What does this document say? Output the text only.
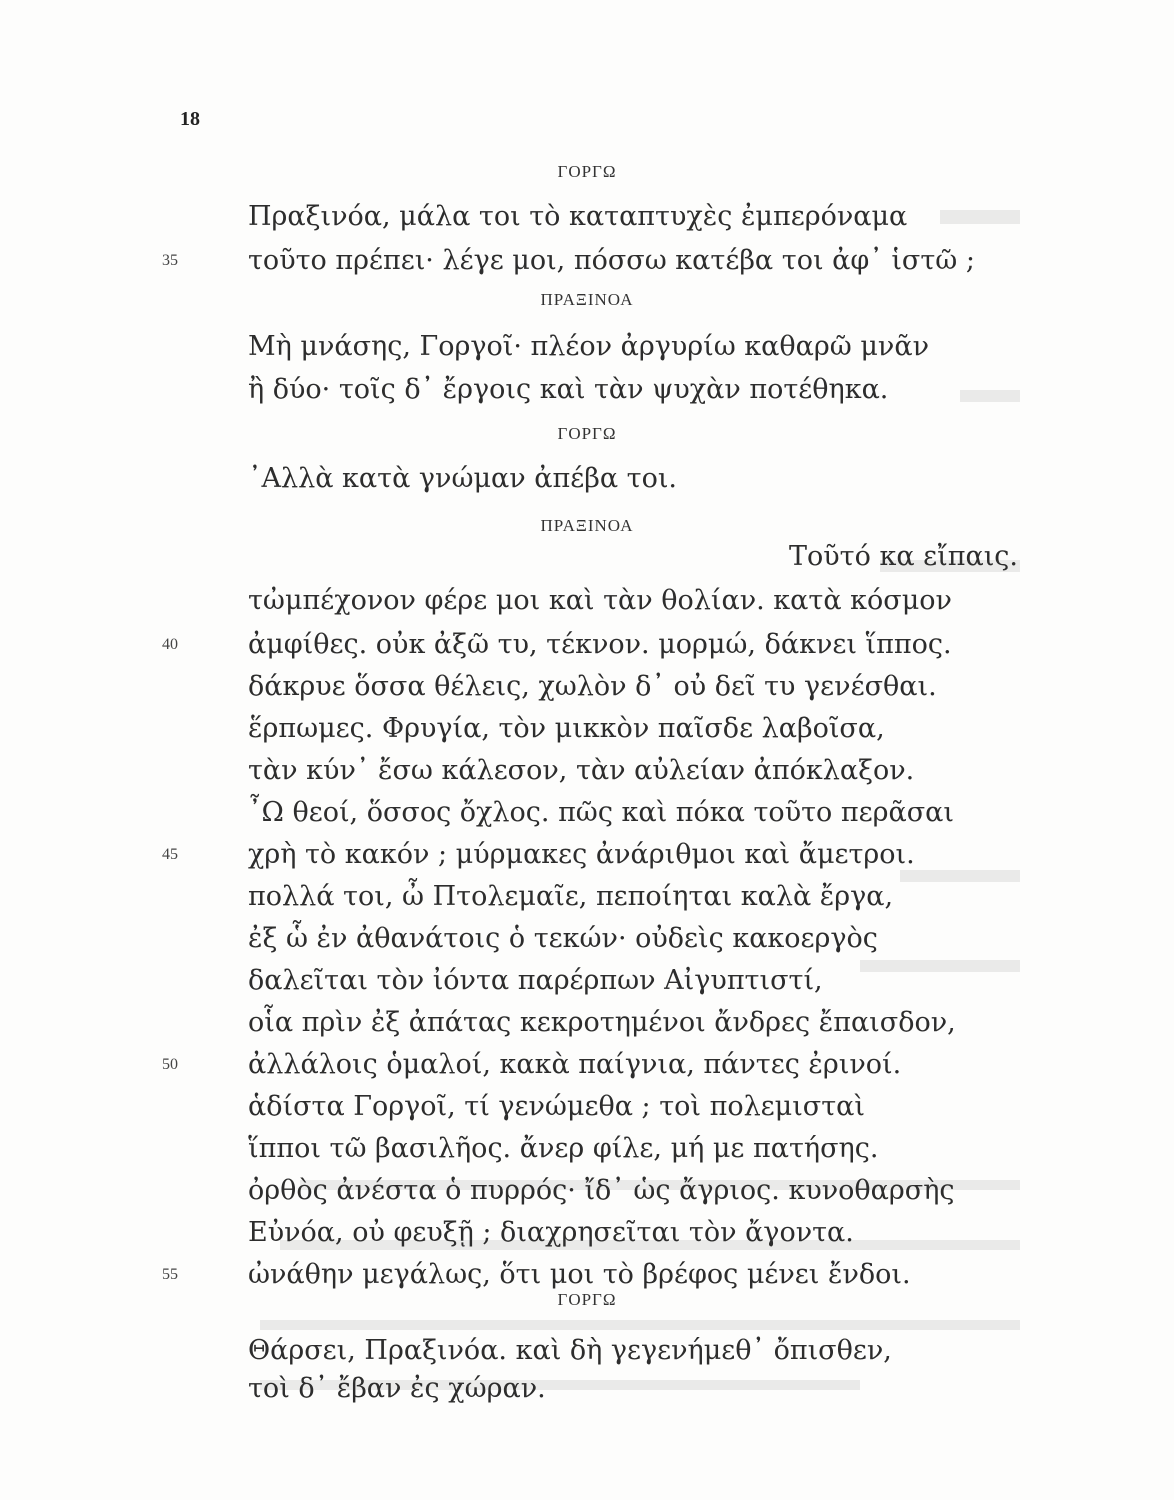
18
ΓΟΡΓΩ
Πραξινόα, μάλα τοι τὸ καταπτυχὲς ἐμπερόναμα
τοῦτο πρέπει· λέγε μοι, πόσσω κατέβα τοι ἀφ᾽ ἱστῶ ;
35
ΠΡΑΞΙΝΟΑ
Μὴ μνάσης, Γοργοῖ· πλέον ἀργυρίω καθαρῶ μνᾶν
ἢ δύο· τοῖς δ᾽ ἔργοις καὶ τὰν ψυχὰν ποτέθηκα.
ΓΟΡΓΩ
᾽Αλλὰ κατὰ γνώμαν ἀπέβα τοι.
ΠΡΑΞΙΝΟΑ
Τοῦτό κα εἴπαις.
τὠμπέχονον φέρε μοι καὶ τὰν θολίαν. κατὰ κόσμον
ἀμφίθες. οὐκ ἀξῶ τυ, τέκνον. μορμώ, δάκνει ἵππος.
40
δάκρυε ὅσσα θέλεις, χωλὸν δ᾽ οὐ δεῖ τυ γενέσθαι.
ἕρπωμες. Φρυγία, τὸν μικκὸν παῖσδε λαβοῖσα,
τὰν κύν᾽ ἔσω κάλεσον, τὰν αὐλείαν ἀπόκλαξον.
῏Ω θεοί, ὅσσος ὄχλος. πῶς καὶ πόκα τοῦτο περᾶσαι
χρὴ τὸ κακόν ; μύρμακες ἀνάριθμοι καὶ ἄμετροι.
45
πολλά τοι, ὦ Πτολεμαῖε, πεποίηται καλὰ ἔργα,
ἐξ ὧ ἐν ἀθανάτοις ὁ τεκών· οὐδεὶς κακοεργὸς
δαλεῖται τὸν ἰόντα παρέρπων Αἰγυπτιστί,
οἷα πρὶν ἐξ ἀπάτας κεκροτημένοι ἄνδρες ἔπαισδον,
ἀλλάλοις ὁμαλοί, κακὰ παίγνια, πάντες ἐρινοί.
50
ἁδίστα Γοργοῖ, τί γενώμεθα ; τοὶ πολεμισταὶ
ἵπποι τῶ βασιλῆος. ἄνερ φίλε, μή με πατήσης.
ὀρθὸς ἀνέστα ὁ πυρρός· ἴδ᾽ ὡς ἄγριος. κυνοθαρσὴς
Εὐνόα, οὐ φευξῇ ; διαχρησεῖται τὸν ἄγοντα.
ὠνάθην μεγάλως, ὅτι μοι τὸ βρέφος μένει ἔνδοι.
55
ΓΟΡΓΩ
Θάρσει, Πραξινόα. καὶ δὴ γεγενήμεθ᾽ ὄπισθεν,
τοὶ δ᾽ ἔβαν ἐς χώραν.
